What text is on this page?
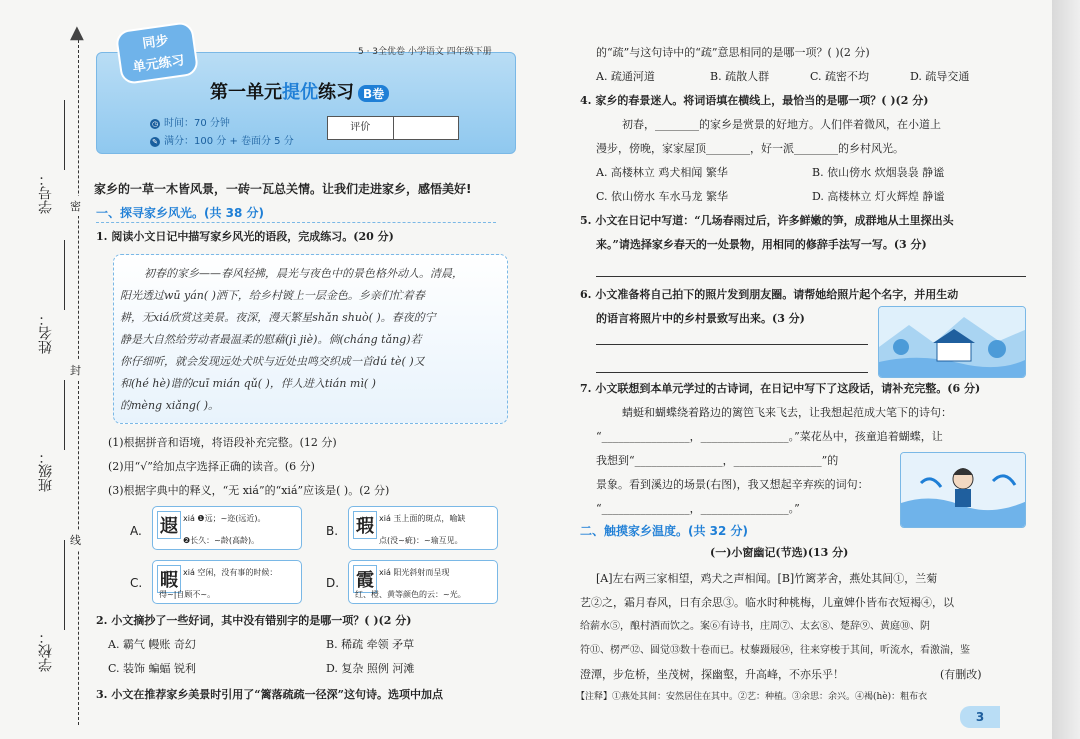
▲
密
封
线
学号：
姓名：
班级：
学校：
同步
单元练习
5 · 3全优卷 小学语文 四年级下册
第一单元提优练习 B卷
◷ 时间：70 分钟
✎ 满分：100 分 + 卷面分 5 分
评价
家乡的一草一木皆风景，一砖一瓦总关情。让我们走进家乡，感悟美好!
一、探寻家乡风光。(共 38 分)
1. 阅读小文日记中描写家乡风光的语段，完成练习。(20 分)
初春的家乡——春风轻拂，晨光与夜色中的景色格外动人。清晨，
阳光透过wū yán( )洒下，给乡村镀上一层金色。乡亲们忙着春
耕，无xiá欣赏这美景。夜深，漫天繁星shǎn shuò( )。春夜的宁
静是大自然给劳动者最温柔的慰藉(jì jiè)。倘(cháng tǎng)若
你仔细听，就会发现远处犬吠与近处虫鸣交织成一首dú tè( )又
和(hé hè)谐的cuī mián qǔ( )，伴人进入tián mì( )
的mèng xiǎng( )。
(1)根据拼音和语境，将语段补充完整。(12 分)
(2)用“√”给加点字选择正确的读音。(6 分)
(3)根据字典中的释义，“无 xiá”的“xiá”应该是( )。(2 分)
A. 遐 xiá ❶远；~迩(远近)。
❷长久：~龄(高龄)。
B. 瑕 xiá 玉上面的斑点，喻缺
点(没~疵)：~瑜互见。
C. 暇 xiá 空闲，没有事的时候：
得~|自顾不~。
D. 霞 xiá 阳光斜射而呈现
红、橙、黄等颜色的云：~光。
2. 小文摘抄了一些好词，其中没有错别字的是哪一项？( )(2 分)
A. 霸气 幔账 奇幻	B. 稀疏 牵领 矛草
C. 装饰 蝙蝠 锐利	D. 复杂 照例 河滩
3. 小文在推荐家乡美景时引用了“篱落疏疏一径深”这句诗。选项中加点
的“疏”与这句诗中的“疏”意思相同的是哪一项？( )(2 分)
A. 疏通河道	B. 疏散人群	C. 疏密不均	D. 疏导交通
4. 家乡的春景迷人。将词语填在横线上，最恰当的是哪一项？( )(2 分)
初春，________的家乡是赏景的好地方。人们伴着微风，在小道上
漫步，傍晚，家家屋顶________，好一派________的乡村风光。
A. 高楼林立 鸡犬相闻 繁华	B. 依山傍水 炊烟袅袅 静谧
C. 依山傍水 车水马龙 繁华	D. 高楼林立 灯火辉煌 静谧
5. 小文在日记中写道：“几场春雨过后，许多鲜嫩的笋，成群地从土里探出头
来。”请选择家乡春天的一处景物，用相同的修辞手法写一写。(3 分)
6. 小文准备将自己拍下的照片发到朋友圈。请帮她给照片起个名字，并用生动
的语言将照片中的乡村景致写出来。(3 分)
7. 小文联想到本单元学过的古诗词，在日记中写下了这段话，请补充完整。(6 分)
蜻蜓和蝴蝶绕着路边的篱笆飞来飞去，让我想起范成大笔下的诗句：
“________________，________________。”菜花丛中，孩童追着蝴蝶，让
我想到“________________，________________”的
景象。看到溪边的场景(右图)，我又想起辛弃疾的词句：
“________________，________________。”
二、触摸家乡温度。(共 32 分)
(一)小窗幽记(节选)(13 分)
[A]左右两三家相望，鸡犬之声相闻。[B]竹篱茅舍，燕处其间①，兰菊
艺②之，霜月春风，日有余思③。临水时种桃梅，儿童婢仆皆布衣短褐④，以
给薪水⑤，酿村酒而饮之。案⑥有诗书，庄周⑦、太玄⑧、楚辞⑨、黄庭⑩、阴
符⑪、楞严⑫、圆觉⑬数十卷而已。杖藜蹑屐⑭，往来穿梭于其间，听流水，看激湍，鉴
澄潭，步危桥，坐茂树，探幽壑，升高峰，不亦乐乎！	(有删改)
【注释】①燕处其间：安然居住在其中。②艺：种植。③余思：余兴。④褐(hè)：粗布衣
3
